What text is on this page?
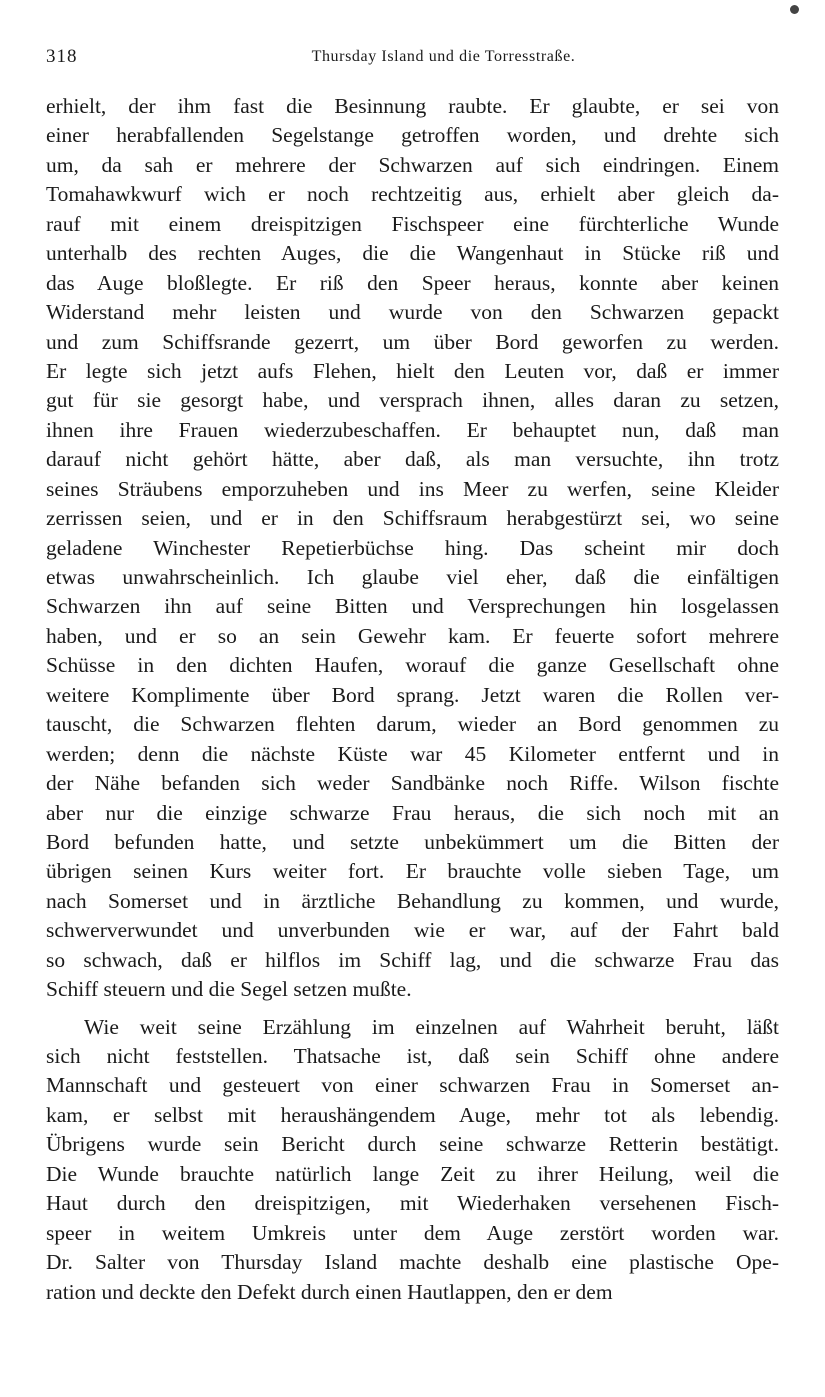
318	Thursday Island und die Torresstraße.
erhielt, der ihm fast die Besinnung raubte. Er glaubte, er sei von
einer herabfallenden Segelstange getroffen worden, und drehte sich
um, da sah er mehrere der Schwarzen auf sich eindringen. Einem
Tomahawkwurf wich er noch rechtzeitig aus, erhielt aber gleich da-
rauf mit einem dreispitzigen Fischspeer eine fürchterliche Wunde
unterhalb des rechten Auges, die die Wangenhaut in Stücke riß und
das Auge bloßlegte. Er riß den Speer heraus, konnte aber keinen
Widerstand mehr leisten und wurde von den Schwarzen gepackt
und zum Schiffsrande gezerrt, um über Bord geworfen zu werden.
Er legte sich jetzt aufs Flehen, hielt den Leuten vor, daß er immer
gut für sie gesorgt habe, und versprach ihnen, alles daran zu setzen,
ihnen ihre Frauen wiederzubeschaffen. Er behauptet nun, daß man
darauf nicht gehört hätte, aber daß, als man versuchte, ihn trotz
seines Sträubens emporzuheben und ins Meer zu werfen, seine Kleider
zerrissen seien, und er in den Schiffsraum herabgestürzt sei, wo seine
geladene Winchester Repetierbüchse hing. Das scheint mir doch
etwas unwahrscheinlich. Ich glaube viel eher, daß die einfältigen
Schwarzen ihn auf seine Bitten und Versprechungen hin losgelassen
haben, und er so an sein Gewehr kam. Er feuerte sofort mehrere
Schüsse in den dichten Haufen, worauf die ganze Gesellschaft ohne
weitere Komplimente über Bord sprang. Jetzt waren die Rollen ver-
tauscht, die Schwarzen flehten darum, wieder an Bord genommen zu
werden; denn die nächste Küste war 45 Kilometer entfernt und in
der Nähe befanden sich weder Sandbänke noch Riffe. Wilson fischte
aber nur die einzige schwarze Frau heraus, die sich noch mit an
Bord befunden hatte, und setzte unbekümmert um die Bitten der
übrigen seinen Kurs weiter fort. Er brauchte volle sieben Tage, um
nach Somerset und in ärztliche Behandlung zu kommen, und wurde,
schwerverwundet und unverbunden wie er war, auf der Fahrt bald
so schwach, daß er hilflos im Schiff lag, und die schwarze Frau das
Schiff steuern und die Segel setzen mußte.
Wie weit seine Erzählung im einzelnen auf Wahrheit beruht, läßt
sich nicht feststellen. Thatsache ist, daß sein Schiff ohne andere
Mannschaft und gesteuert von einer schwarzen Frau in Somerset an-
kam, er selbst mit heraushängendem Auge, mehr tot als lebendig.
Übrigens wurde sein Bericht durch seine schwarze Retterin bestätigt.
Die Wunde brauchte natürlich lange Zeit zu ihrer Heilung, weil die
Haut durch den dreispitzigen, mit Wiederhaken versehenen Fisch-
speer in weitem Umkreis unter dem Auge zerstört worden war.
Dr. Salter von Thursday Island machte deshalb eine plastische Ope-
ration und deckte den Defekt durch einen Hautlappen, den er dem
